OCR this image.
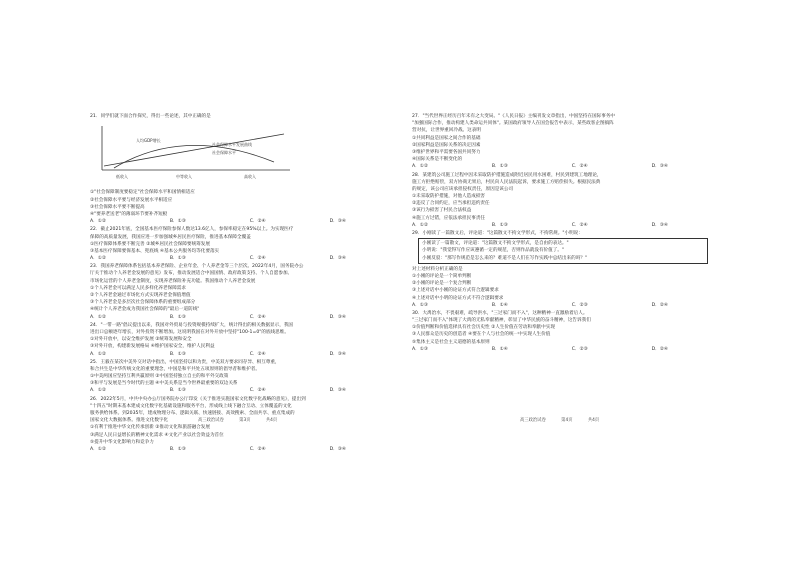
21．同学们就下面合作探究，得出一些论述，其中正确的是
人均GDP增长
社会保障水平发展曲线
社会保障水平
低收入	中等收入	高收入
①"社会保障制度要稳定"社会保障水平和国情相适应
②社会保障水平要与经济发展水平相适应
③社会保障水平要不断提高
④"要养老送老"的薄弱环节要补齐短板
A．①②	B．①③	C．②④	D．③④
22．截止2021年底，全国基本医疗保险参保人数达13.6亿人，参保率稳定在95%以上。为实现医疗
保障的高质量发展，我国应进一步加强城乡居民医疗保险，推进基本保障全覆盖
①医疗保障体系要不断完善 ②城乡居民社会保障要统筹发展
③基本医疗保障要保基本、兜底线 ④基本公共服务均等化要落实
A．①②	B．①③	C．②④	D．③④
23．我国养老保障体系包括基本养老保险、企业年金、个人养老金等三个层次。2022年4月，国务院办公
厅关于推动个人养老金发展的意见》发布，推动发展适合中国国情、政府政策支持、个人自愿参加、
市场化运营的个人养老金制度，实现养老保险补充功能。我国推动个人养老金发展
①个人养老金可以满足人民多样化养老保障需求
②个人养老金通过市场化方式实现养老金保值增值
③个人养老金是多层次社会保障体系的重要组成部分
④统计个人养老金成为我国社会保障的"最后一道防线"
A．①②	B．①③	C．②④	D．③④
24．"一带一路"倡议提出以来，我国对外贸易与投资规模持续扩大，统计得出的相关数据显示，我国
进出口总额逐年增长，对外投资不断增加。这说明我国在对外开放中坚持"100-1=0"的底线思维。
①对外开放中，以安全维护发展 ②统筹发展和安全
③对外开放，构建新发展格局 ④维护国家安全，维护人民利益
A．①②	B．①③	C．②④	D．③④
25．王毅在某次中美外交对话中指出，中国坚持以和为贵，中美双方要求同存异、相互尊重，
和合共生是中华传统文化的重要理念，中国是和平共处五项原则的倡导者和维护者。
①中美两国应坚持互利共赢原则 ②中国坚持独立自主的和平外交政策
③和平与发展是当今时代的主题 ④中美关系是当今世界最重要的双边关系
A．①②	B．①③	C．②④	D．③④
26．2022年5月，中共中央办公厅国务院办公厅印发《关于推进实施国家文化数字化战略的意见》，提出到
"十四五"时期末基本建成文化数字化基础设施和服务平台，形成线上线下融合互动、立体覆盖的文化
服务供给体系。到2035年，建成物理分布、逻辑关联、快速链接、高效搜索、全面共享、重点集成的
国家文化大数据体系。推进文化数字化
①有利于推进中华文化传承创新 ②推动文化和旅游融合发展
③满足人民日益增长的精神文化需求 ④文化产业以社会效益为首位
⑤提升中华文化影响力和竞争力
A．①②	B．①③	C．②④	D．③④
高三政治试卷	第3页	共4页
27．"当代世界正经历百年未有之大变局。"《人民日报》主编刊发文章指出，中国坚持在国际事务中
"加强国际合作，推动构建人类命运共同体"。某国政府领导人在国会报告中表示，某些政客企图搞阵
营对抗，让世界重回冷战。这表明
①共同利益是国家之间合作的基础
②国家利益是国际关系的决定因素
③维护世界和平需要各国共同努力
④国际关系是不断变化的
A．①②	B．①③	C．②④	D．③④
28．某建筑公司施工过程中因未采取防护措施造成附近居民用水困难，村民到建筑工地理论，
施工方拒绝赔偿，双方协商无果后，村民向人民法院起诉，要求施工方赔偿损失。根据民法典
的规定，该公司应该承担侵权责任，原因是该公司
①未采取防护措施，对他人造成损害
②违反了合同约定，应当承担违约责任
③该行为损害了村民合法权益
④施工方过错，应依法承担民事责任
A．①②	B．①③	C．②④	D．③④
29．小刚读了一篇散文后，评论道："这篇散文不拘文学形式，不拘常规。"小明说：
小刚读了一篇散文，评论道："这篇散文不拘文学形式，是自由的表达。"
小明说："我觉得写作应该遵循一定的规范，否则作品就没有价值了。"
小刚反驳："那写作规范是怎么来的？难道不是人们在写作实践中总结出来的吗？"
对上述材料分析正确的是
①小刚的评论是一个简单判断
②小刚的评论是一个复合判断
③上述对话中小刚的论证方式符合逻辑要求
④上述对话中小明的论证方式不符合逻辑要求
A．①③	B．①④	C．②③	D．②④
30．大禹治水，不畏艰难，疏导洪水，"三过家门而不入"，这种精神一直激励着后人。
"三过家门而不入"体现了大禹的无私奉献精神，彰显了中华民族的奋斗精神，这告诉我们
①价值判断和价值选择具有社会历史性 ②人生价值在劳动和奉献中实现
③人民群众是历史的创造者 ④要在个人与社会的统一中实现人生价值
⑤集体主义是社会主义道德的基本原则
A．①③	B．①④	C．②③	D．②④
高三政治试卷	第4页	共4页
